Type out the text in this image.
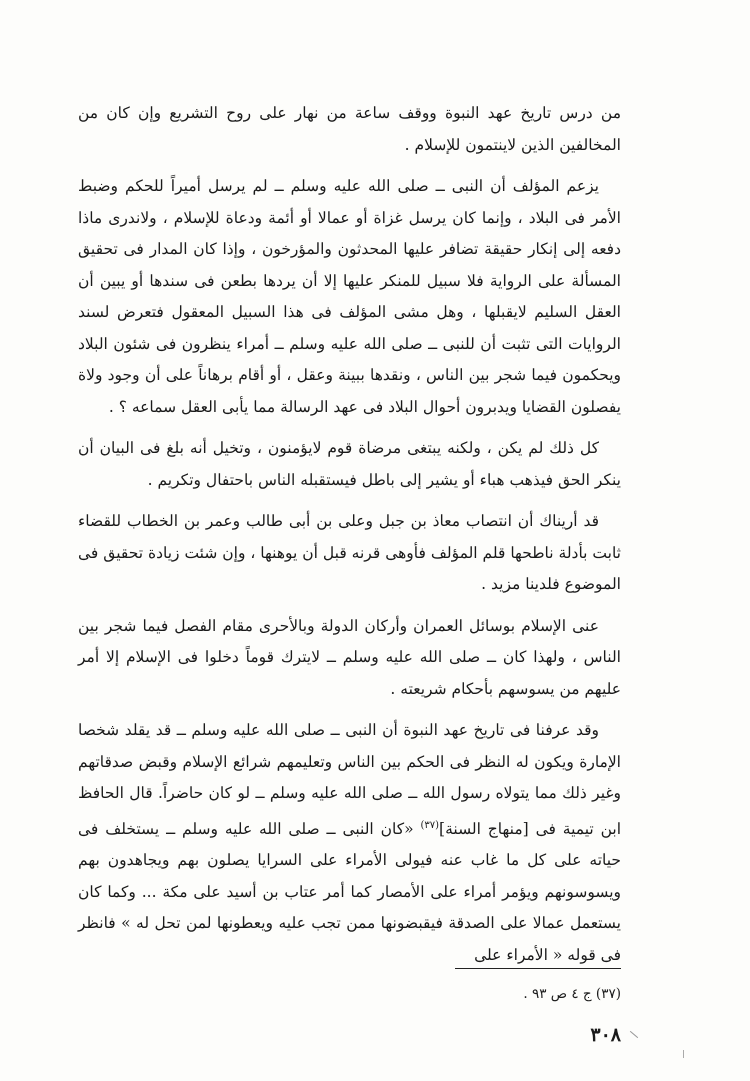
من درس تاريخ عهد النبوة ووقف ساعة من نهار على روح التشريع وإن كان من المخالفين الذين لاينتمون للإسلام .

يزعم المؤلف أن النبى ــ صلى الله عليه وسلم ــ لم يرسل أميراً للحكم وضبط الأمر فى البلاد ، وإنما كان يرسل غزاة أو عمالا أو أئمة ودعاة للإسلام ، ولاندرى ماذا دفعه إلى إنكار حقيقة تضافر عليها المحدثون والمؤرخون ، وإذا كان المدار فى تحقيق المسألة على الرواية فلا سبيل للمنكر عليها إلا أن يردها بطعن فى سندها أو يبين أن العقل السليم لايقبلها ، وهل مشى المؤلف فى هذا السبيل المعقول فتعرض لسند الروايات التى تثبت أن للنبى ــ صلى الله عليه وسلم ــ أمراء ينظرون فى شئون البلاد ويحكمون فيما شجر بين الناس ، ونقدها ببينة وعقل ، أو أقام برهاناً على أن وجود ولاة يفصلون القضايا ويدبرون أحوال البلاد فى عهد الرسالة مما يأبى العقل سماعه ؟ .

كل ذلك لم يكن ، ولكنه يبتغى مرضاة قوم لايؤمنون ، وتخيل أنه بلغ فى البيان أن ينكر الحق فيذهب هباء أو يشير إلى باطل فيستقبله الناس باحتفال وتكريم .

قد أريناك أن انتصاب معاذ بن جبل وعلى بن أبى طالب وعمر بن الخطاب للقضاء ثابت بأدلة ناطحها قلم المؤلف فأوهى قرنه قبل أن يوهنها ، وإن شئت زيادة تحقيق فى الموضوع فلدينا مزيد .

عنى الإسلام بوسائل العمران وأركان الدولة وبالأحرى مقام الفصل فيما شجر بين الناس ، ولهذا كان ــ صلى الله عليه وسلم ــ لايترك قوماً دخلوا فى الإسلام إلا أمر عليهم من يسوسهم بأحكام شريعته .

وقد عرفنا فى تاريخ عهد النبوة أن النبى ــ صلى الله عليه وسلم ــ قد يقلد شخصا الإمارة ويكون له النظر فى الحكم بين الناس وتعليمهم شرائع الإسلام وقبض صدقاتهم وغير ذلك مما يتولاه رسول الله ــ صلى الله عليه وسلم ــ لو كان حاضراً. قال الحافظ ابن تيمية فى [منهاج السنة]$^{(٣٧)}$ «كان النبى ــ صلى الله عليه وسلم ــ يستخلف فى حياته على كل ما غاب عنه فيولى الأمراء على السرايا يصلون بهم ويجاهدون بهم ويسوسونهم ويؤمر أمراء على الأمصار كما أمر عتاب بن أسيد على مكة ... وكما كان يستعمل عمالا على الصدقة فيقبضونها ممن تجب عليه ويعطونها لمن تحل له » فانظر فى قوله « الأمراء على

(٣٧) ج ٤ ص ٩٣ .
٣٠٨
